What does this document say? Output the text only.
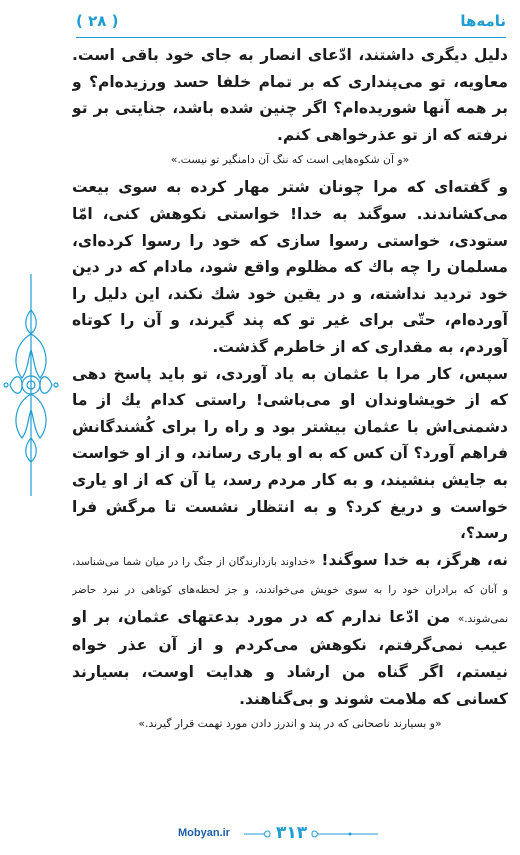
نامه‌ها
( ۲۸ )

دلیل دیگری داشتند، ادّعای انصار به جای خود باقی است. معاویه، تو می‌پنداری که بر تمام خلفا حسد ورزیده‌ام؟ و بر همه آنها شوریده‌ام؟ اگر چنین شده باشد، جنایتی بر تو نرفته که از تو عذرخواهی کنم.

«و آن شکوه‌هایی است که ننگ آن دامنگیر تو نیست.»

و گفته‌ای که مرا چونان شتر مهار کرده به سوی بیعت می‌کشاندند. سوگند به خدا! خواستی نکوهش کنی، امّا ستودی، خواستی رسوا سازی که خود را رسوا کرده‌ای، مسلمان را چه باك که مظلوم واقع شود، مادام که در دین خود تردید نداشته، و در یقین خود شك نکند، این دلیل را آورده‌ام، حتّی برای غیر تو که پند گیرند، و آن را کوتاه آوردم، به مقداری که از خاطرم گذشت.

سپس، کار مرا با عثمان به یاد آوردی، تو باید پاسخ دهی که از خویشاوندان او می‌باشی! راستی کدام یك از ما دشمنی‌اش با عثمان بیشتر بود و راه را برای کُشندگانش فراهم آورد؟ آن کس که به او یاری رساند، و از او خواست به جایش بنشیند، و به کار مردم رسد، یا آن که از او یاری خواست و دریغ کرد؟ و به انتظار نشست تا مرگش فرا رسد؟،

نه، هرگز، به خدا سوگند! «خداوند بازدارندگان از جنگ را در میان شما می‌شناسد، و آنان که برادران خود را به سوی خویش می‌خواندند، و جز لحظه‌های کوتاهی در نبرد حاضر نمی‌شوند.» من ادّعا ندارم که در مورد بدعتهای عثمان، بر او عیب نمی‌گرفتم، نکوهش می‌کردم و از آن عذر خواه نیستم، اگر گناه من ارشاد و هدایت اوست، بسیارند کسانی که ملامت شوند و بی‌گناهند.

«و بسیارند ناصحانی که در پند و اندرز دادن مورد تهمت قرار گیرند.»

Mobyan.ir	۳۱۳
